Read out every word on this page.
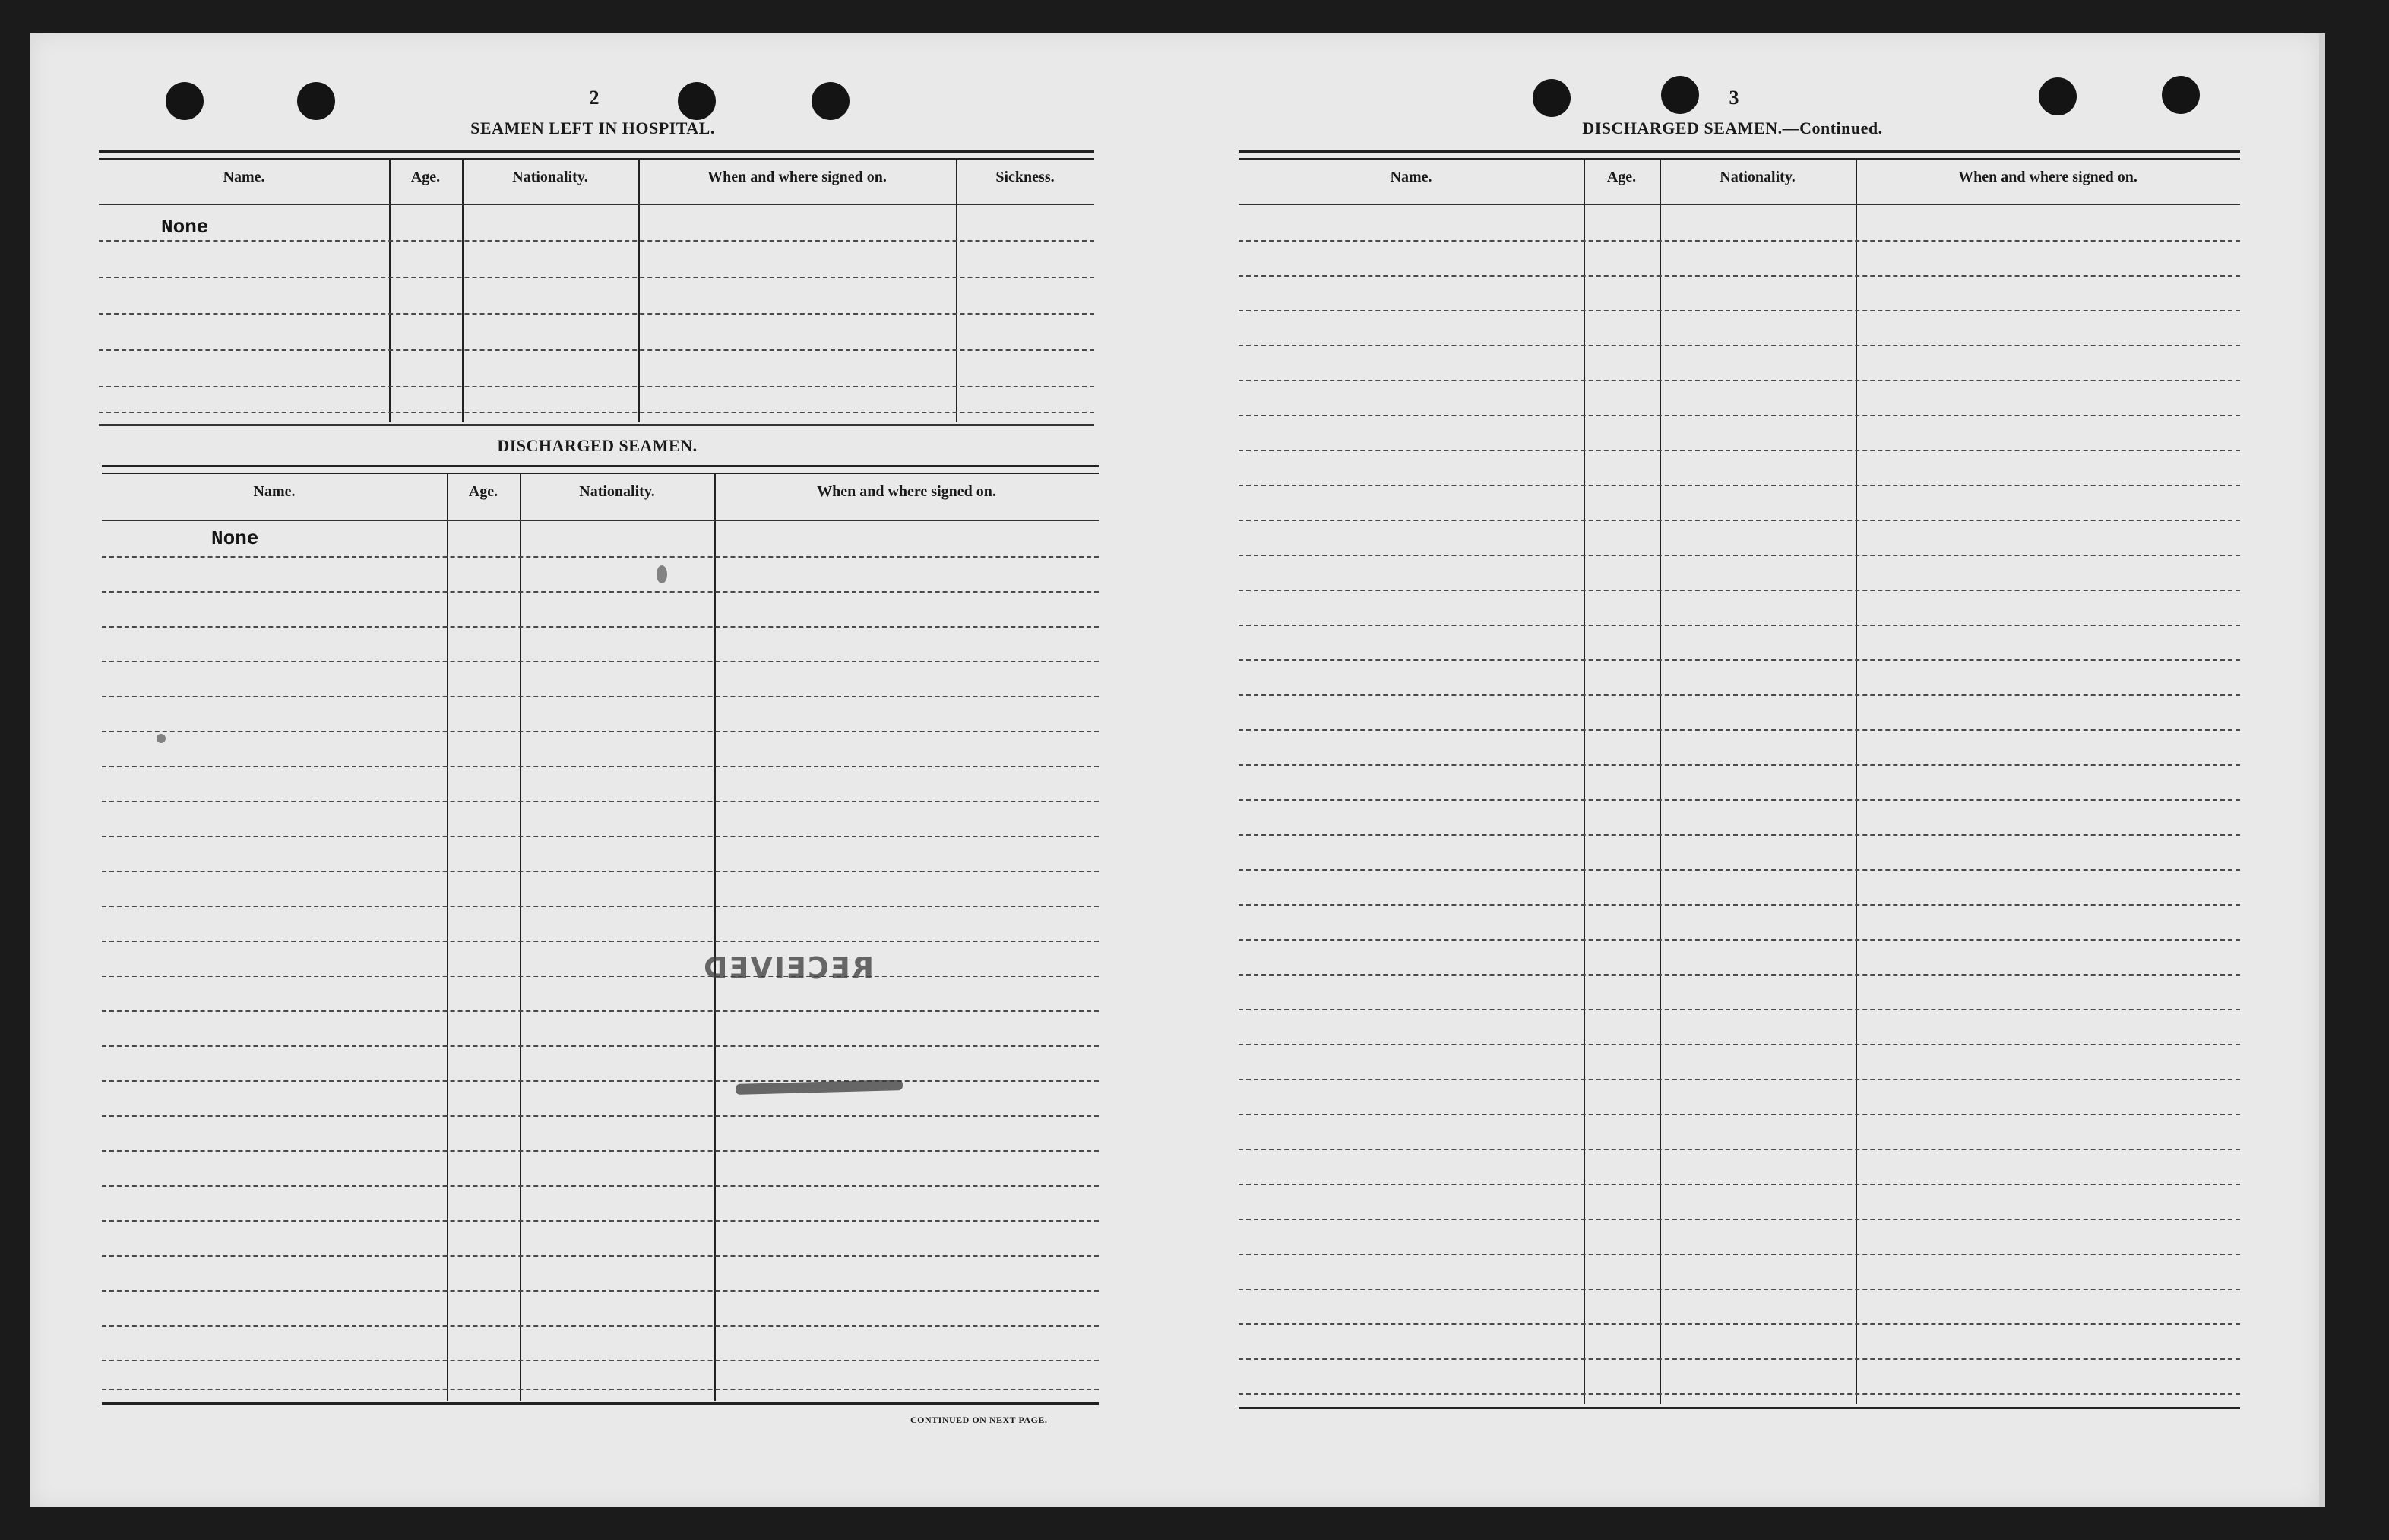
2
SEAMEN LEFT IN HOSPITAL.
Name.	Age.	Nationality.	When and where signed on.	Sickness.
None
DISCHARGED SEAMEN.
Name.	Age.	Nationality.	When and where signed on.
None
CONTINUED ON NEXT PAGE.
RECEIVED
3
DISCHARGED SEAMEN.—Continued.
Name.	Age.	Nationality.	When and where signed on.
